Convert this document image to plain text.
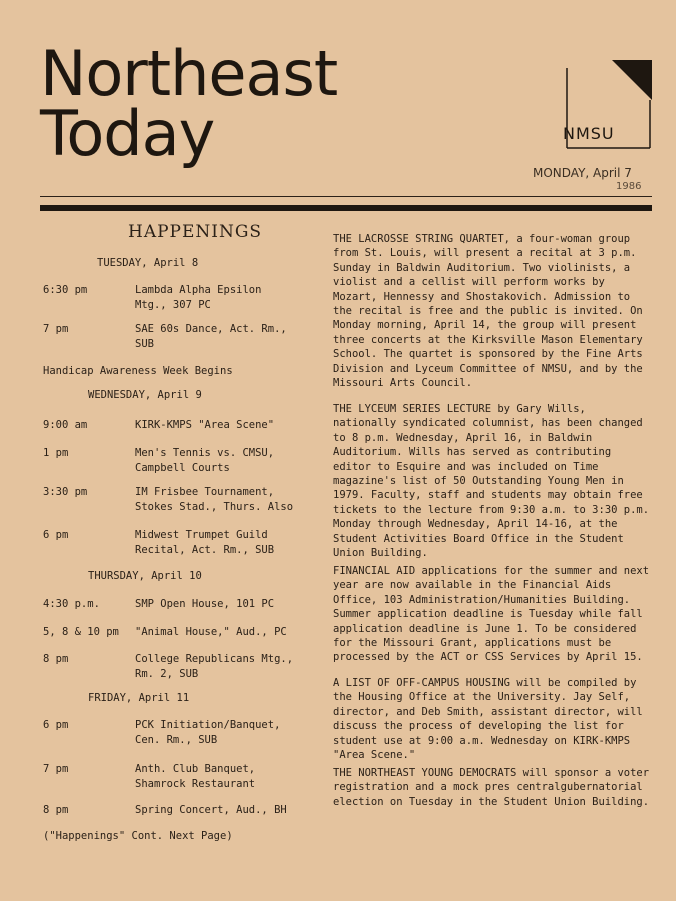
Northeast
Today	NMSU
MONDAY, April 7
1986
HAPPENINGS
TUESDAY, April 8
6:30 pm	Lambda Alpha Epsilon
Mtg., 307 PC
7 pm	SAE 60s Dance, Act. Rm.,
SUB
Handicap Awareness Week Begins
WEDNESDAY, April 9
9:00 am	KIRK-KMPS "Area Scene"
1 pm	Men's Tennis vs. CMSU,
Campbell Courts
3:30 pm	IM Frisbee Tournament,
Stokes Stad., Thurs. Also
6 pm	Midwest Trumpet Guild
Recital, Act. Rm., SUB
THURSDAY, April 10
4:30 p.m.	SMP Open House, 101 PC
5, 8 & 10 pm "Animal House," Aud., PC
8 pm	College Republicans Mtg.,
Rm. 2, SUB
FRIDAY, April 11
6 pm	PCK Initiation/Banquet,
Cen. Rm., SUB
7 pm	Anth. Club Banquet,
Shamrock Restaurant
8 pm	Spring Concert, Aud., BH
("Happenings" Cont. Next Page)
THE LACROSSE STRING QUARTET, a four-woman group from St. Louis, will present a recital at 3 p.m. Sunday in Baldwin Auditorium. Two violinists, a violist and a cellist will perform works by Mozart, Hennessy and Shostakovich. Admission to the recital is free and the public is invited. On Monday morning, April 14, the group will present three concerts at the Kirksville Mason Elementary School. The quartet is sponsored by the Fine Arts Division and Lyceum Committee of NMSU, and by the Missouri Arts Council.
THE LYCEUM SERIES LECTURE by Gary Wills, nationally syndicated columnist, has been changed to 8 p.m. Wednesday, April 16, in Baldwin Auditorium. Wills has served as contributing editor to Esquire and was included on Time magazine's list of 50 Outstanding Young Men in 1979. Faculty, staff and students may obtain free tickets to the lecture from 9:30 a.m. to 3:30 p.m. Monday through Wednesday, April 14-16, at the Student Activities Board Office in the Student Union Building.
FINANCIAL AID applications for the summer and next year are now available in the Financial Aids Office, 103 Administration/Humanities Building. Summer application deadline is Tuesday while fall application deadline is June 1. To be considered for the Missouri Grant, applications must be processed by the ACT or CSS Services by April 15.
A LIST OF OFF-CAMPUS HOUSING will be compiled by the Housing Office at the University. Jay Self, director, and Deb Smith, assistant director, will discuss the process of developing the list for student use at 9:00 a.m. Wednesday on KIRK-KMPS "Area Scene."
THE NORTHEAST YOUNG DEMOCRATS will sponsor a voter registration and a mock pres centralgubernatorial election on Tuesday in the Student Union Building.
